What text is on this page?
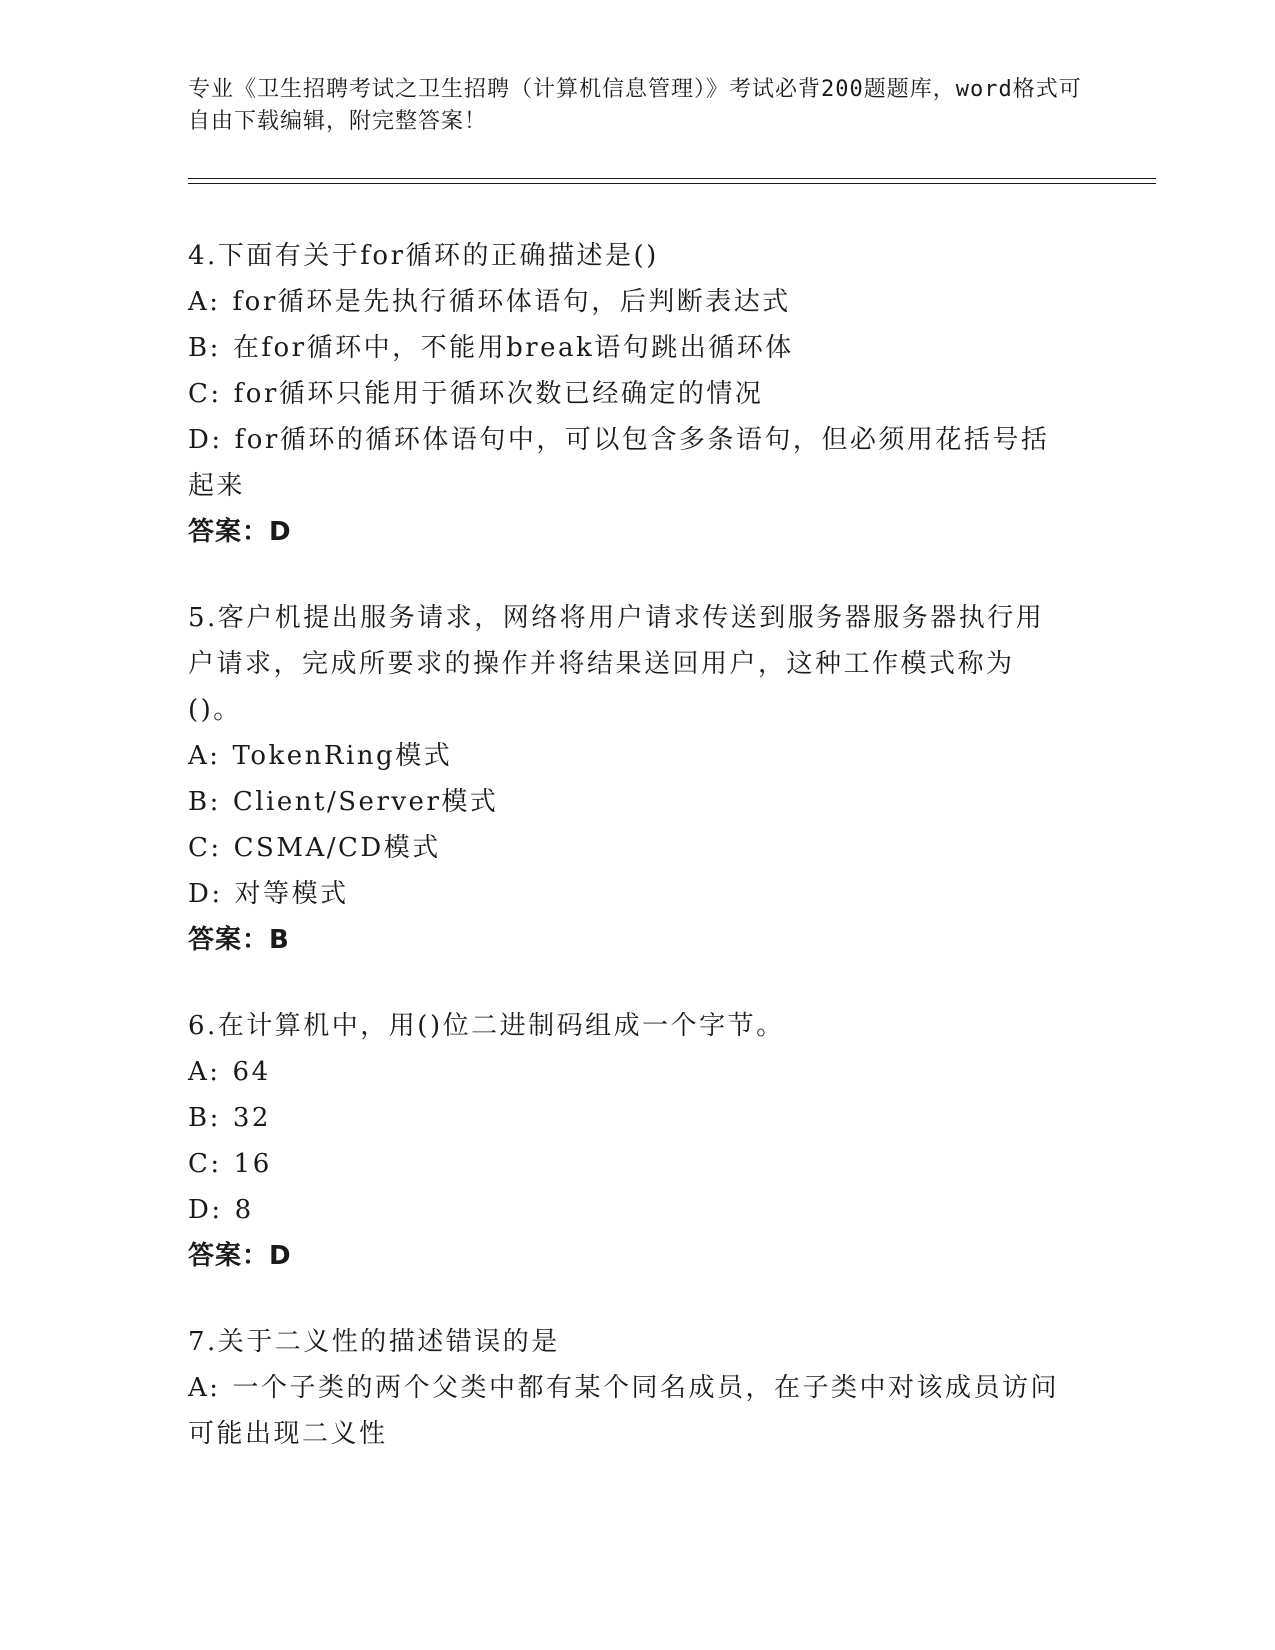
专业《卫生招聘考试之卫生招聘（计算机信息管理）》考试必背200题题库，word格式可自由下载编辑，附完整答案！

4.下面有关于for循环的正确描述是()

A: for循环是先执行循环体语句，后判断表达式

B: 在for循环中，不能用break语句跳出循环体

C: for循环只能用于循环次数已经确定的情况

D: for循环的循环体语句中，可以包含多条语句，但必须用花括号括起来

答案：D

5.客户机提出服务请求，网络将用户请求传送到服务器服务器执行用户请求，完成所要求的操作并将结果送回用户，这种工作模式称为()。

A: TokenRing模式

B: Client/Server模式

C: CSMA/CD模式

D: 对等模式

答案：B

6.在计算机中，用()位二进制码组成一个字节。

A: 64

B: 32

C: 16

D: 8

答案：D

7.关于二义性的描述错误的是

A: 一个子类的两个父类中都有某个同名成员，在子类中对该成员访问可能出现二义性
